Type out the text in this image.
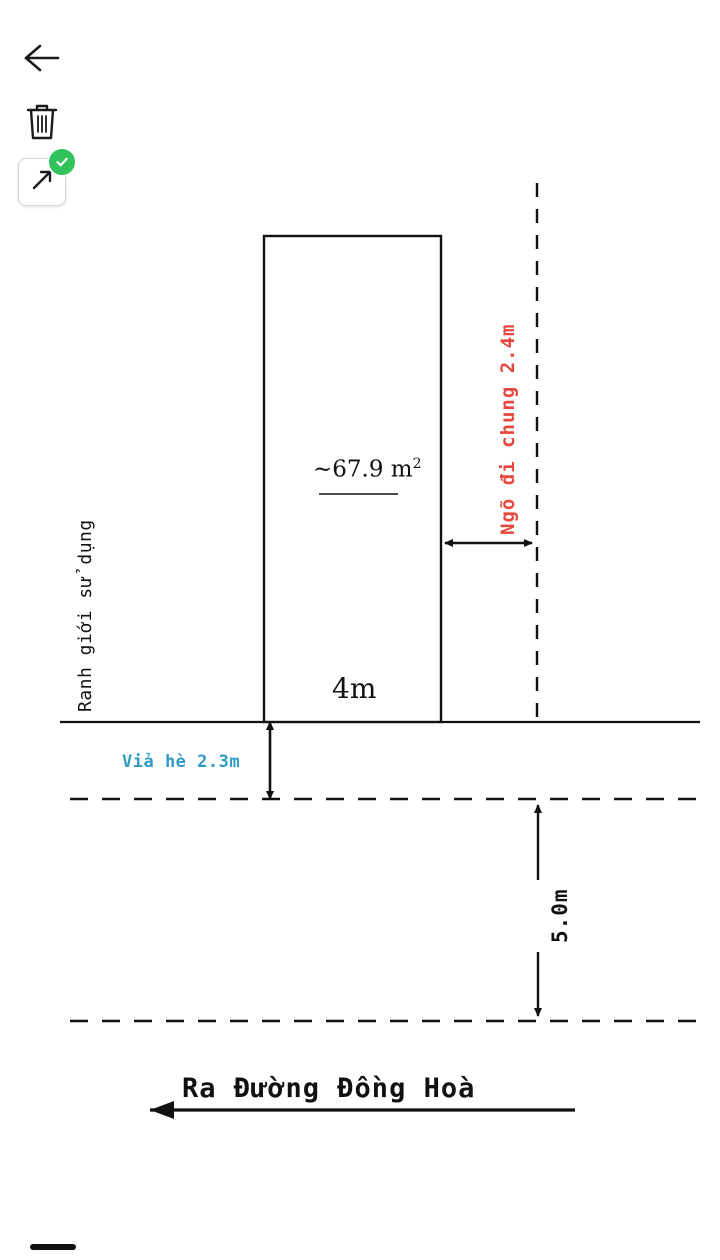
~67.9 $m^2$
4m
Ngõ đi chung 2.4m
Ranh giới sử dụng
Vỉa hè 2.3m
5.0m
Ra Đường Đồng Hoà
